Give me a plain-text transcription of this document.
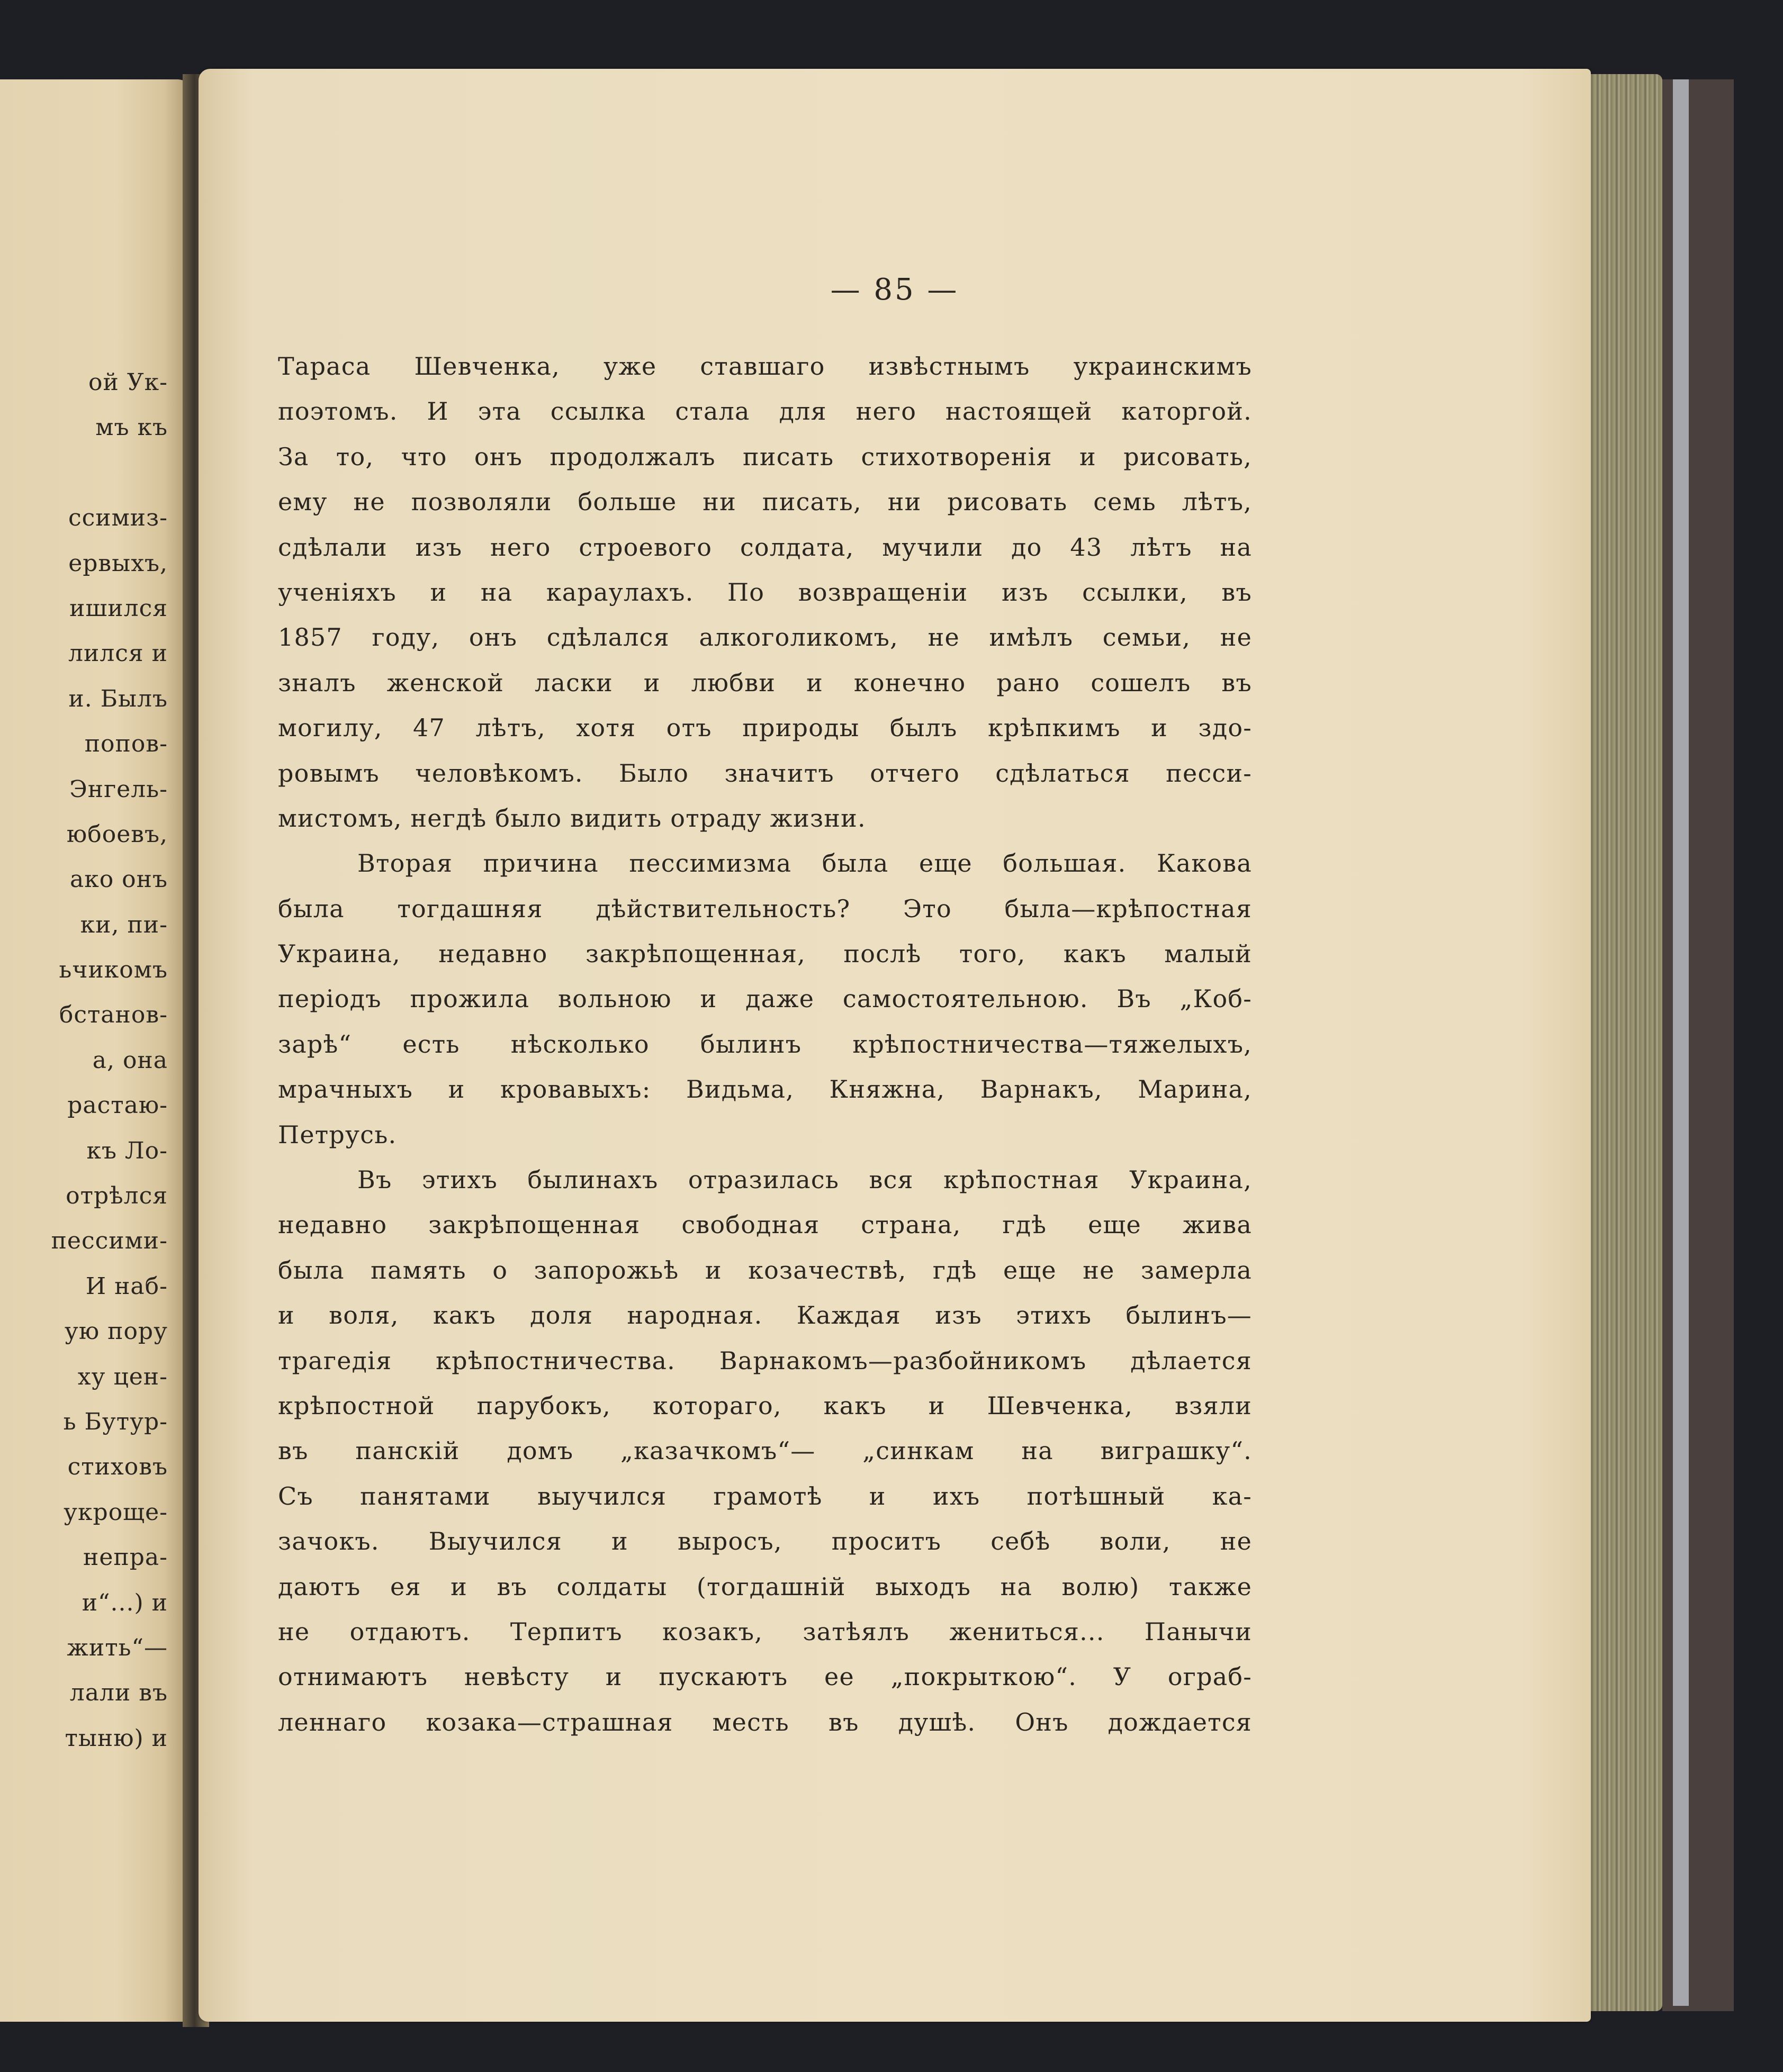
ой Ук-
мъ къ
ссимиз-
ервыхъ,
ишился
лился и
и. Былъ
попов-
Энгель-
юбоевъ,
ако онъ
ки, пи-
ьчикомъ
бстанов-
а, она
растаю-
къ Ло-
отрѣлся
пессими-
И наб-
ую пору
ху цен-
ь Бутур-
стиховъ
укроще-
непра-
и“...) и
жить“—
лали въ
тыню) и
— 85 —
Тараса Шевченка, уже ставшаго извѣстнымъ украинскимъ
поэтомъ. И эта ссылка стала для него настоящей каторгой.
За то, что онъ продолжалъ писать стихотворенія и рисовать,
ему не позволяли больше ни писать, ни рисовать семь лѣтъ,
сдѣлали изъ него строевого солдата, мучили до 43 лѣтъ на
ученіяхъ и на караулахъ. По возвращеніи изъ ссылки, въ
1857 году, онъ сдѣлался алкоголикомъ, не имѣлъ семьи, не
зналъ женской ласки и любви и конечно рано сошелъ въ
могилу, 47 лѣтъ, хотя отъ природы былъ крѣпкимъ и здо-
ровымъ человѣкомъ. Было значитъ отчего сдѣлаться песси-
мистомъ, негдѣ было видить отраду жизни.
Вторая причина пессимизма была еще большая. Какова
была тогдашняя дѣйствительность? Это была—крѣпостная
Украина, недавно закрѣпощенная, послѣ того, какъ малый
періодъ прожила вольною и даже самостоятельною. Въ „Коб-
зарѣ“ есть нѣсколько былинъ крѣпостничества—тяжелыхъ,
мрачныхъ и кровавыхъ: Видьма, Княжна, Варнакъ, Марина,
Петрусь.
Въ этихъ былинахъ отразилась вся крѣпостная Украина,
недавно закрѣпощенная свободная страна, гдѣ еще жива
была память о запорожьѣ и козачествѣ, гдѣ еще не замерла
и воля, какъ доля народная. Каждая изъ этихъ былинъ—
трагедія крѣпостничества. Варнакомъ—разбойникомъ дѣлается
крѣпостной парубокъ, котораго, какъ и Шевченка, взяли
въ панскій домъ „казачкомъ“— „синкам на виграшку“.
Съ панятами выучился грамотѣ и ихъ потѣшный ка-
зачокъ. Выучился и выросъ, проситъ себѣ воли, не
даютъ ея и въ солдаты (тогдашній выходъ на волю) также
не отдаютъ. Терпитъ козакъ, затѣялъ жениться... Панычи
отнимаютъ невѣсту и пускаютъ ее „покрыткою“. У ограб-
леннаго козака—страшная месть въ душѣ. Онъ дождается
